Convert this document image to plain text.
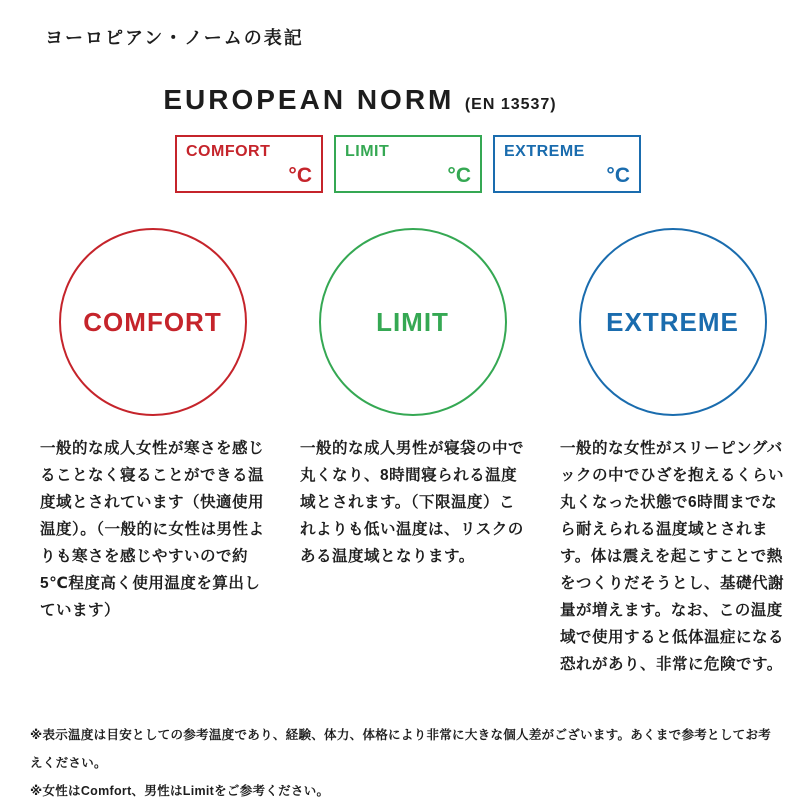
ヨーロピアン・ノームの表記
EUROPEAN NORM (EN 13537)
COMFORT
°C
LIMIT
°C
EXTREME
°C
COMFORT

一般的な成人女性が寒さを感じることなく寝ることができる温度域とされています（快適使用温度）。（一般的に女性は男性よりも寒さを感じやすいので約5℃程度高く使用温度を算出しています）

LIMIT

一般的な成人男性が寝袋の中で丸くなり、8時間寝られる温度域とされます。（下限温度）これよりも低い温度は、リスクのある温度域となります。

EXTREME

一般的な女性がスリーピングバックの中でひざを抱えるくらい丸くなった状態で6時間までなら耐えられる温度域とされます。体は震えを起こすことで熱をつくりだそうとし、基礎代謝量が増えます。なお、この温度域で使用すると低体温症になる恐れがあり、非常に危険です。

※表示温度は目安としての参考温度であり、経験、体力、体格により非常に大きな個人差がございます。あくまで参考としてお考えください。

※女性はComfort、男性はLimitをご参考ください。
